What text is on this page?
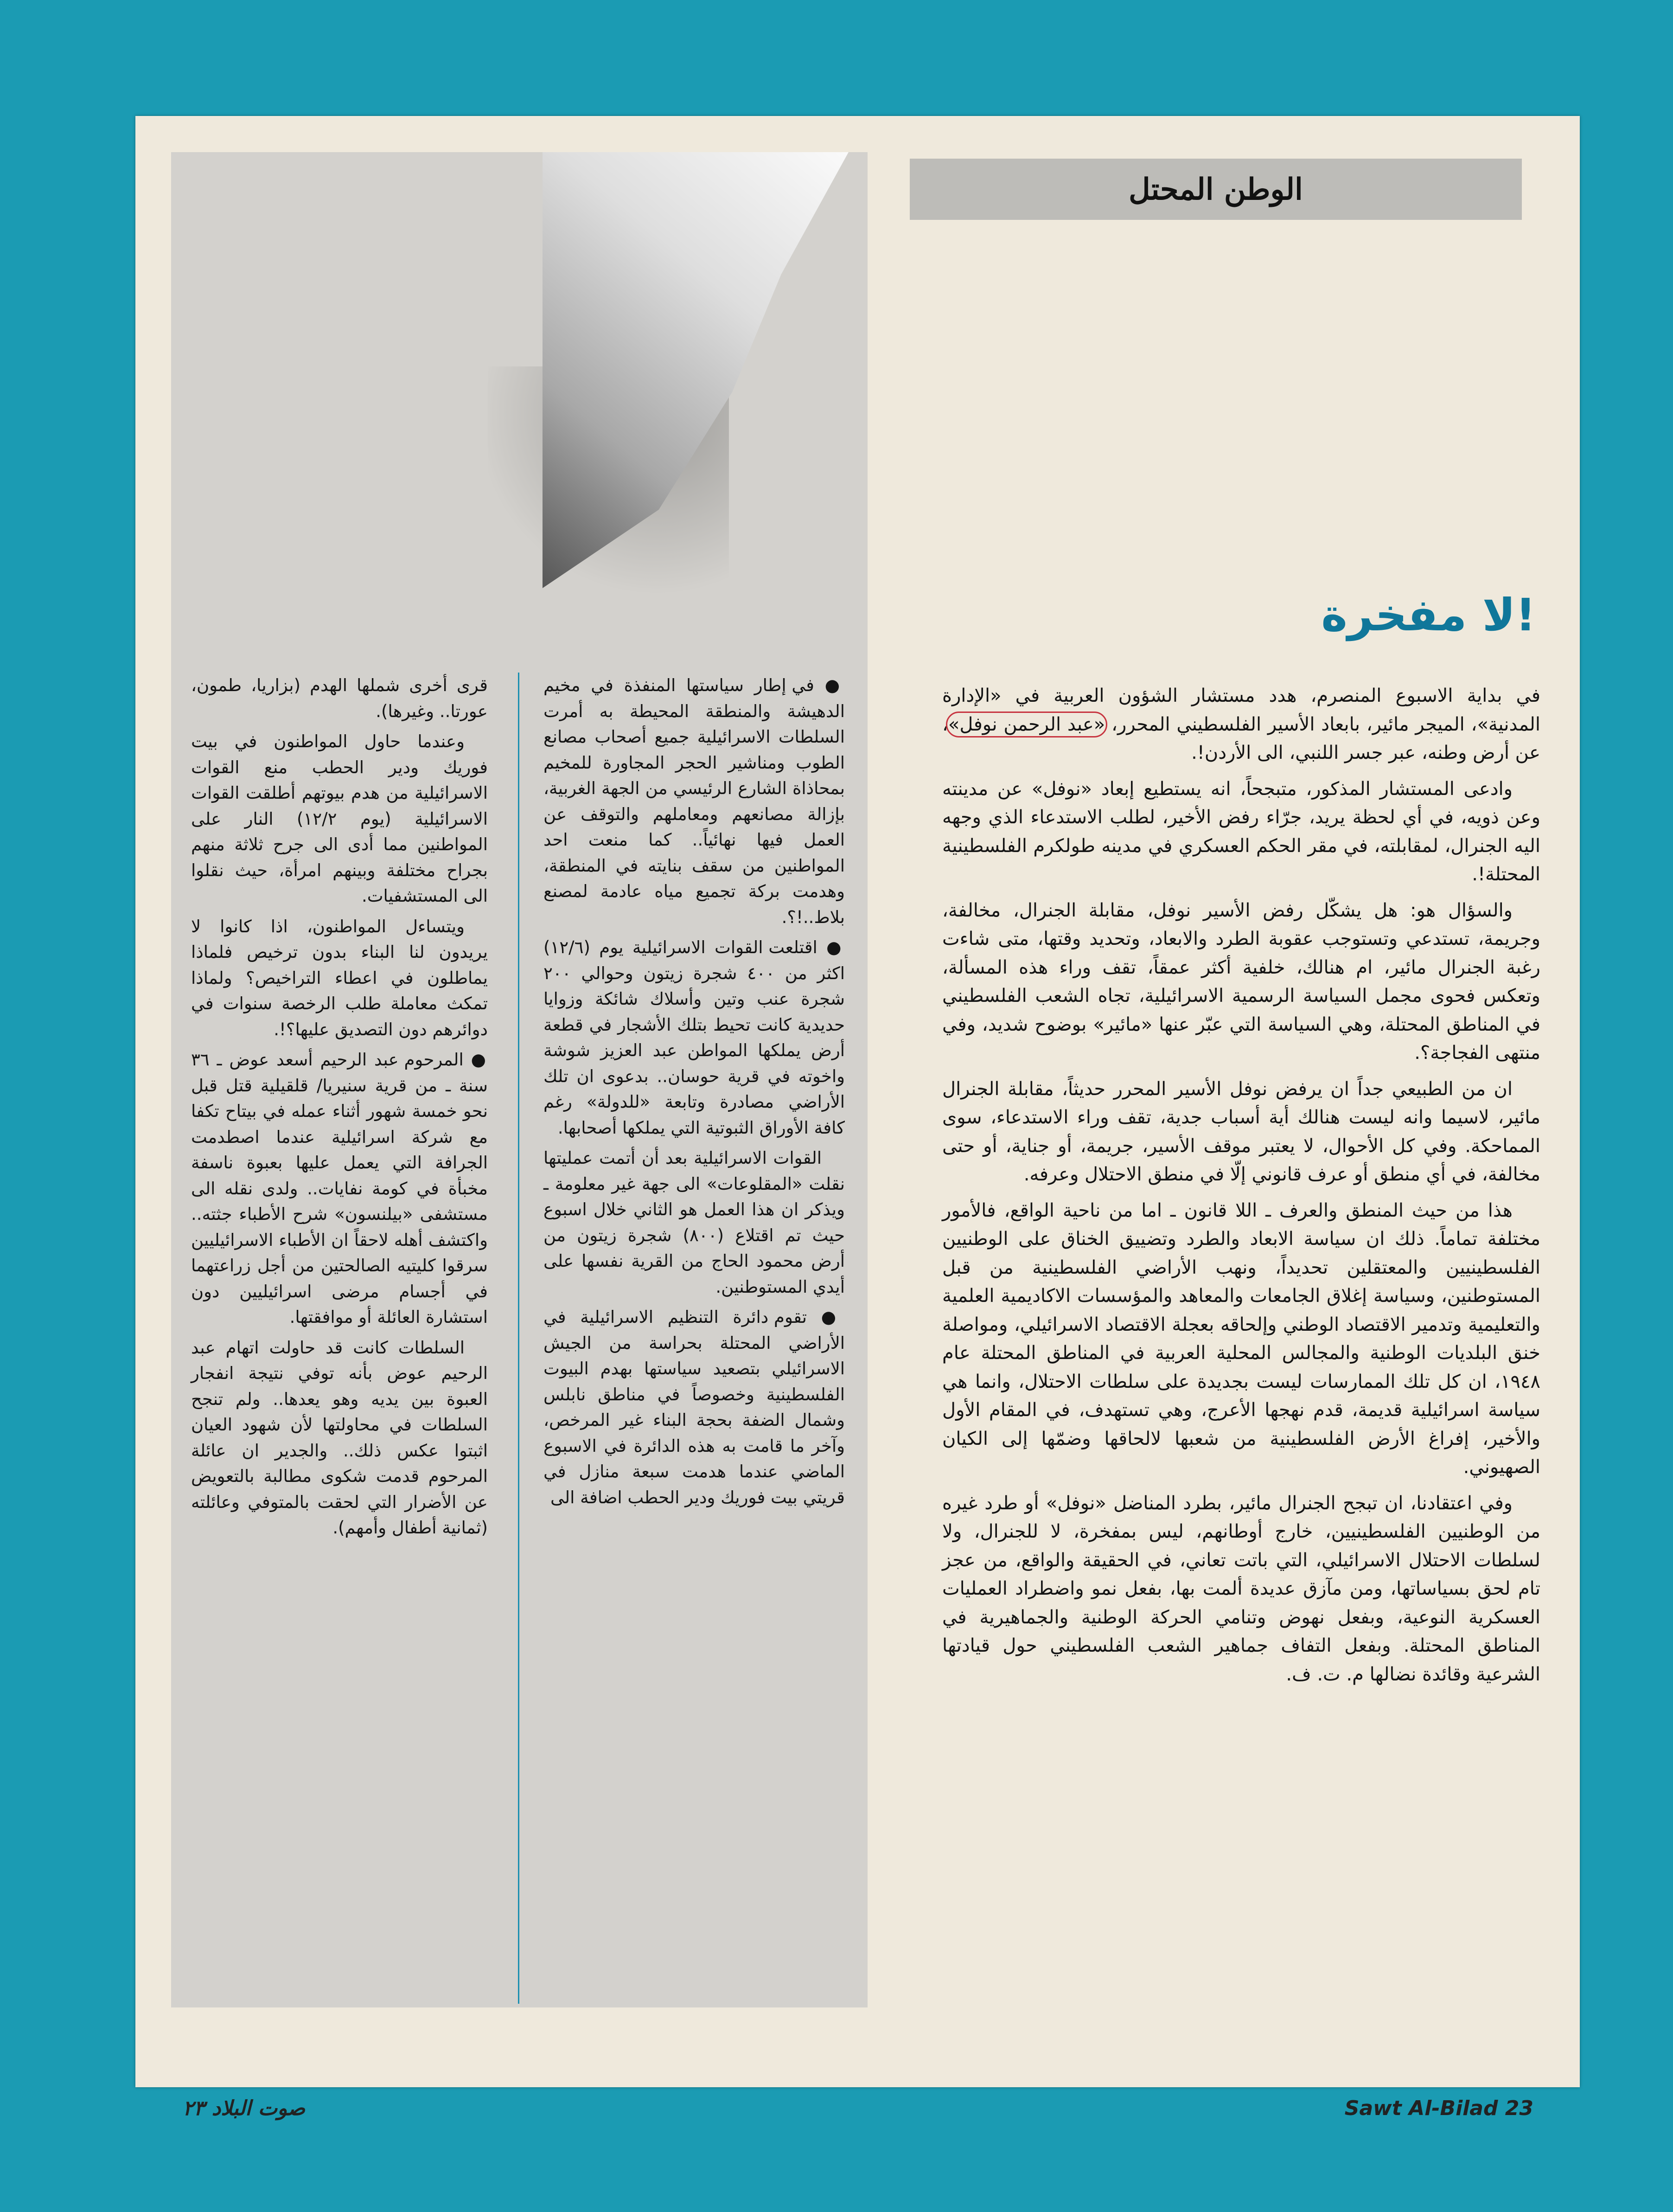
الوطن المحتل
لا مفخرة!

في بداية الاسبوع المنصرم، هدد مستشار الشؤون العربية في «الإدارة المدنية»، الميجر مائير، بابعاد الأسير الفلسطيني المحرر، «عبد الرحمن نوفل»، عن أرض وطنه، عبر جسر اللنبي، الى الأردن!.

وادعى المستشار المذكور، متبجحاً، انه يستطيع إبعاد «نوفل» عن مدينته وعن ذويه، في أي لحظة يريد، جرّاء رفض الأخير، لطلب الاستدعاء الذي وجهه اليه الجنرال، لمقابلته، في مقر الحكم العسكري في مدينه طولكرم الفلسطينية المحتلة!.

والسؤال هو: هل يشكّل رفض الأسير نوفل، مقابلة الجنرال، مخالفة، وجريمة، تستدعي وتستوجب عقوبة الطرد والابعاد، وتحديد وقتها، متى شاءت رغبة الجنرال مائير، ام هنالك، خلفية أكثر عمقاً، تقف وراء هذه المسألة، وتعكس فحوى مجمل السياسة الرسمية الاسرائيلية، تجاه الشعب الفلسطيني في المناطق المحتلة، وهي السياسة التي عبّر عنها «مائير» بوضوح شديد، وفي منتهى الفجاجة؟.

ان من الطبيعي جداً ان يرفض نوفل الأسير المحرر حديثاً، مقابلة الجنرال مائير، لاسيما وانه ليست هنالك أية أسباب جدية، تقف وراء الاستدعاء، سوى المماحكة. وفي كل الأحوال، لا يعتبر موقف الأسير، جريمة، أو جناية، أو حتى مخالفة، في أي منطق أو عرف قانوني إلّا في منطق الاحتلال وعرفه.

هذا من حيث المنطق والعرف ـ اللا قانون ـ اما من ناحية الواقع، فالأمور مختلفة تماماً. ذلك ان سياسة الابعاد والطرد وتضييق الخناق على الوطنيين الفلسطينيين والمعتقلين تحديداً، ونهب الأراضي الفلسطينية من قبل المستوطنين، وسياسة إغلاق الجامعات والمعاهد والمؤسسات الاكاديمية العلمية والتعليمية وتدمير الاقتصاد الوطني وإلحاقه بعجلة الاقتصاد الاسرائيلي، ومواصلة خنق البلديات الوطنية والمجالس المحلية العربية في المناطق المحتلة عام ١٩٤٨، ان كل تلك الممارسات ليست بجديدة على سلطات الاحتلال، وانما هي سياسة اسرائيلية قديمة، قدم نهجها الأعرج، وهي تستهدف، في المقام الأول والأخير، إفراغ الأرض الفلسطينية من شعبها لالحاقها وضمّها إلى الكيان الصهيوني.

وفي اعتقادنا، ان تبجح الجنرال مائير، بطرد المناضل «نوفل» أو طرد غيره من الوطنيين الفلسطينيين، خارج أوطانهم، ليس بمفخرة، لا للجنرال، ولا لسلطات الاحتلال الاسرائيلي، التي باتت تعاني، في الحقيقة والواقع، من عجز تام لحق بسياساتها، ومن مآزق عديدة ألمت بها، بفعل نمو واضطراد العمليات العسكرية النوعية، وبفعل نهوض وتنامي الحركة الوطنية والجماهيرية في المناطق المحتلة. وبفعل التفاف جماهير الشعب الفلسطيني حول قيادتها الشرعية وقائدة نضالها م. ت. ف.

● في إطار سياستها المنفذة في مخيم الدهيشة والمنطقة المحيطة به أمرت السلطات الاسرائيلية جميع أصحاب مصانع الطوب ومناشير الحجر المجاورة للمخيم بمحاذاة الشارع الرئيسي من الجهة الغربية، بإزالة مصانعهم ومعاملهم والتوقف عن العمل فيها نهائياً.. كما منعت احد المواطنين من سقف بنايته في المنطقة، وهدمت بركة تجميع مياه عادمة لمصنع بلاط..!؟.

● اقتلعت القوات الاسرائيلية يوم (١٢/٦) اكثر من ٤٠٠ شجرة زيتون وحوالي ٢٠٠ شجرة عنب وتين وأسلاك شائكة وزوايا حديدية كانت تحيط بتلك الأشجار في قطعة أرض يملكها المواطن عبد العزيز شوشة واخوته في قرية حوسان.. بدعوى ان تلك الأراضي مصادرة وتابعة «للدولة» رغم كافة الأوراق الثبوتية التي يملكها أصحابها.

القوات الاسرائيلية بعد أن أتمت عمليتها نقلت «المقلوعات» الى جهة غير معلومة ـ ويذكر ان هذا العمل هو الثاني خلال اسبوع حيث تم اقتلاع (٨٠٠) شجرة زيتون من أرض محمود الحاج من القرية نفسها على أيدي المستوطنين.

● تقوم دائرة التنظيم الاسرائيلية في الأراضي المحتلة بحراسة من الجيش الاسرائيلي بتصعيد سياستها بهدم البيوت الفلسطينية وخصوصاً في مناطق نابلس وشمال الضفة بحجة البناء غير المرخص، وآخر ما قامت به هذه الدائرة في الاسبوع الماضي عندما هدمت سبعة منازل في قريتي بيت فوريك ودير الحطب اضافة الى

قرى أخرى شملها الهدم (بزاريا، طمون، عورتا.. وغيرها).

وعندما حاول المواطنون في بيت فوريك ودير الحطب منع القوات الاسرائيلية من هدم بيوتهم أطلقت القوات الاسرائيلية (يوم ١٢/٢) النار على المواطنين مما أدى الى جرح ثلاثة منهم بجراح مختلفة وبينهم امرأة، حيث نقلوا الى المستشفيات.

ويتساءل المواطنون، اذا كانوا لا يريدون لنا البناء بدون ترخيص فلماذا يماطلون في اعطاء التراخيص؟ ولماذا تمكث معاملة طلب الرخصة سنوات في دوائرهم دون التصديق عليها؟!.

● المرحوم عبد الرحيم أسعد عوض ـ ٣٦ سنة ـ من قرية سنيريا/ قلقيلية قتل قبل نحو خمسة شهور أثناء عمله في بيتاح تكفا مع شركة اسرائيلية عندما اصطدمت الجرافة التي يعمل عليها بعبوة ناسفة مخبأة في كومة نفايات.. ولدى نقله الى مستشفى «بيلنسون» شرح الأطباء جثته.. واكتشف أهله لاحقاً ان الأطباء الاسرائيليين سرقوا كليتيه الصالحتين من أجل زراعتهما في أجسام مرضى اسرائيليين دون استشارة العائلة أو موافقتها.

السلطات كانت قد حاولت اتهام عبد الرحيم عوض بأنه توفي نتيجة انفجار العبوة بين يديه وهو يعدها.. ولم تنجح السلطات في محاولتها لأن شهود العيان اثبتوا عكس ذلك.. والجدير ان عائلة المرحوم قدمت شكوى مطالبة بالتعويض عن الأضرار التي لحقت بالمتوفي وعائلته (ثمانية أطفال وأمهم).

صوت البلاد ٢٣	Sawt Al-Bilad 23
